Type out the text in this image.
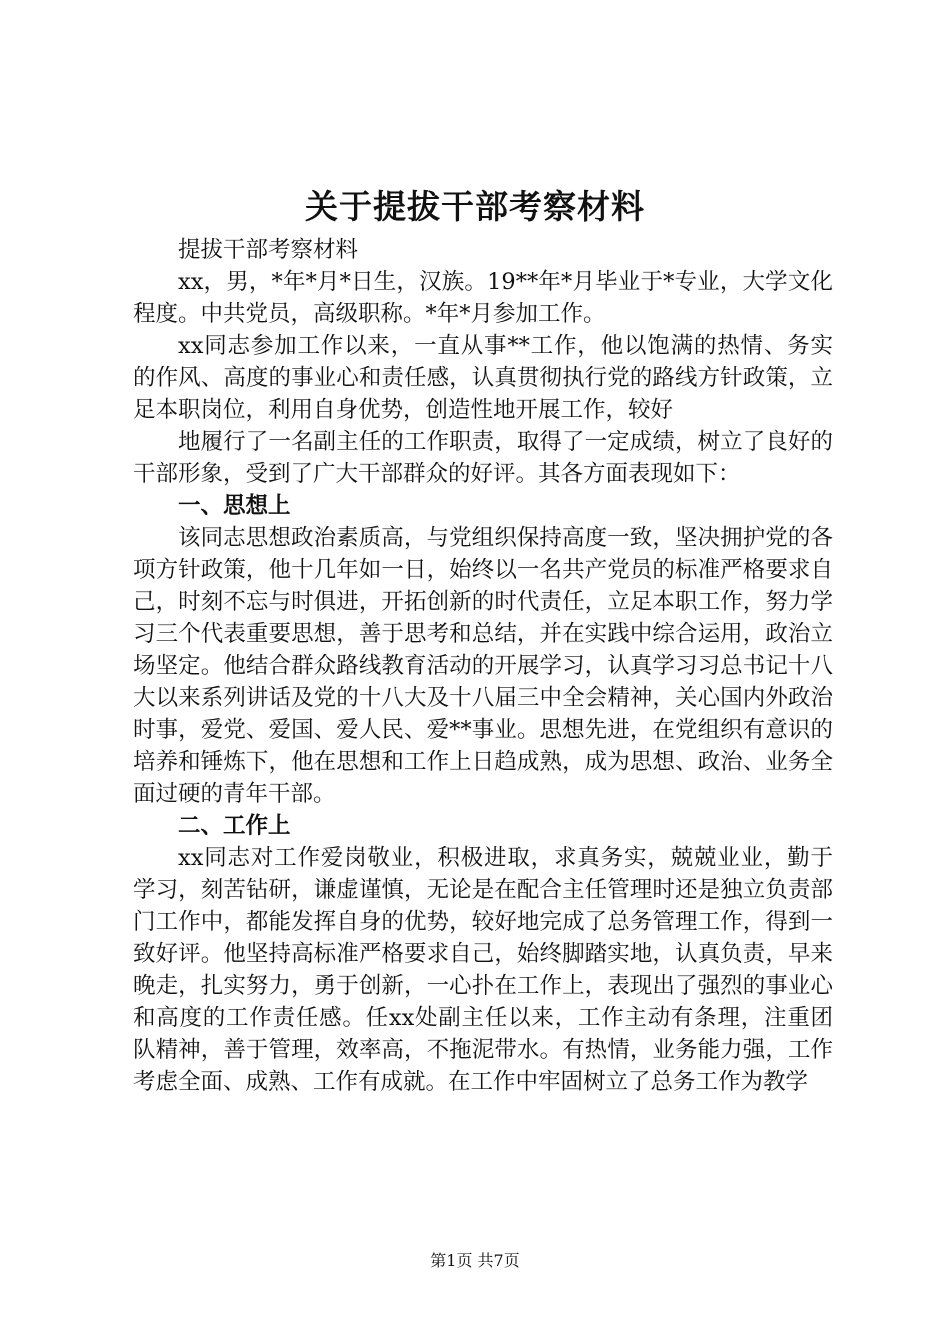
关于提拔干部考察材料

提拔干部考察材料

xx，男，*年*月*日生，汉族。19**年*月毕业于*专业，大学文化程度。中共党员，高级职称。*年*月参加工作。

xx同志参加工作以来，一直从事**工作，他以饱满的热情、务实的作风、高度的事业心和责任感，认真贯彻执行党的路线方针政策，立足本职岗位，利用自身优势，创造性地开展工作，较好

地履行了一名副主任的工作职责，取得了一定成绩，树立了良好的干部形象，受到了广大干部群众的好评。其各方面表现如下：

一、思想上

该同志思想政治素质高，与党组织保持高度一致，坚决拥护党的各项方针政策，他十几年如一日，始终以一名共产党员的标准严格要求自己，时刻不忘与时俱进，开拓创新的时代责任，立足本职工作，努力学习三个代表重要思想，善于思考和总结，并在实践中综合运用，政治立场坚定。他结合群众路线教育活动的开展学习，认真学习习总书记十八大以来系列讲话及党的十八大及十八届三中全会精神，关心国内外政治时事，爱党、爱国、爱人民、爱**事业。思想先进，在党组织有意识的培养和锤炼下，他在思想和工作上日趋成熟，成为思想、政治、业务全面过硬的青年干部。

二、工作上

xx同志对工作爱岗敬业，积极进取，求真务实，兢兢业业，勤于学习，刻苦钻研，谦虚谨慎，无论是在配合主任管理时还是独立负责部门工作中，都能发挥自身的优势，较好地完成了总务管理工作，得到一致好评。他坚持高标准严格要求自己，始终脚踏实地，认真负责，早来晚走，扎实努力，勇于创新，一心扑在工作上，表现出了强烈的事业心和高度的工作责任感。任xx处副主任以来，工作主动有条理，注重团队精神，善于管理，效率高，不拖泥带水。有热情，业务能力强，工作考虑全面、成熟、工作有成就。在工作中牢固树立了总务工作为教学

第1页 共7页
